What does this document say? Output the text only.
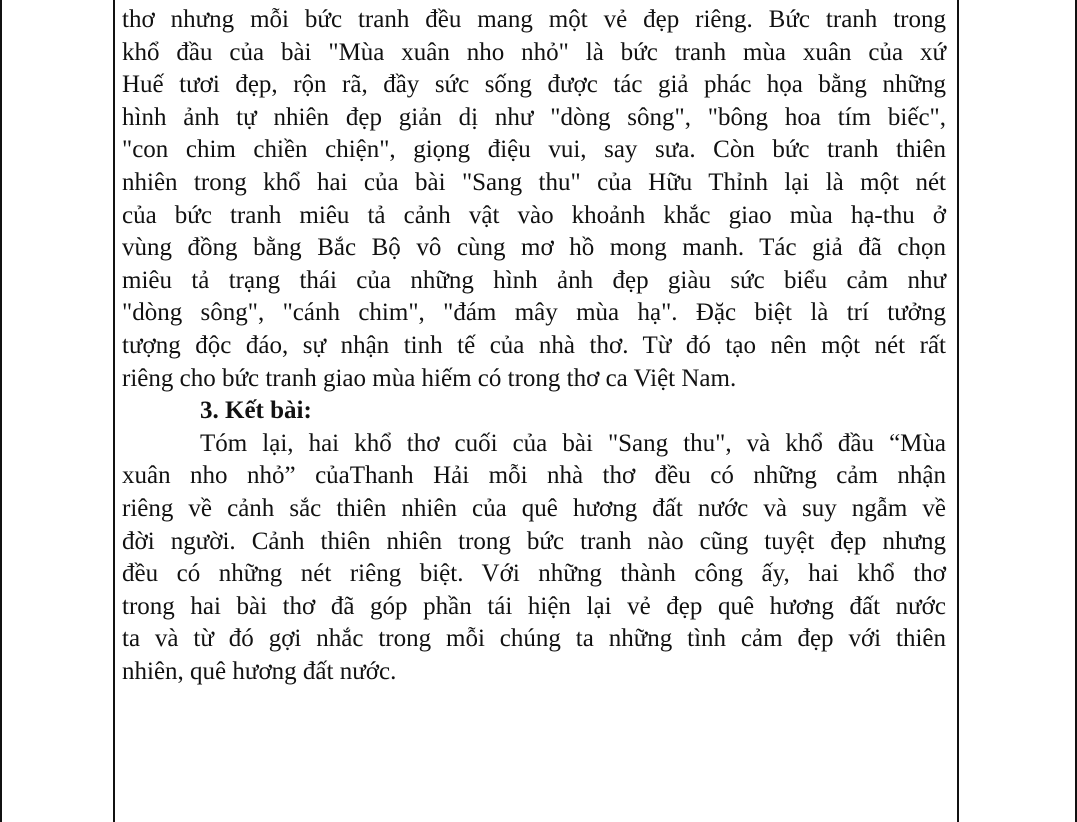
thơ nhưng mỗi bức tranh đều mang một vẻ đẹp riêng. Bức tranh trong
khổ đầu của bài "Mùa xuân nho nhỏ" là bức tranh mùa xuân của xứ
Huế tươi đẹp, rộn rã, đầy sức sống được tác giả phác họa bằng những
hình ảnh tự nhiên đẹp giản dị như "dòng sông", "bông hoa tím biếc",
"con chim chiền chiện", giọng điệu vui, say sưa. Còn bức tranh thiên
nhiên trong khổ hai của bài "Sang thu" của Hữu Thỉnh lại là một nét
của bức tranh miêu tả cảnh vật vào khoảnh khắc giao mùa hạ-thu ở
vùng đồng bằng Bắc Bộ vô cùng mơ hồ mong manh. Tác giả đã chọn
miêu tả trạng thái của những hình ảnh đẹp giàu sức biểu cảm như
"dòng sông", "cánh chim", "đám mây mùa hạ". Đặc biệt là trí tưởng
tượng độc đáo, sự nhận tinh tế của nhà thơ. Từ đó tạo nên một nét rất
riêng cho bức tranh giao mùa hiếm có trong thơ ca Việt Nam.
3. Kết bài:
Tóm lại, hai khổ thơ cuối của bài "Sang thu", và khổ đầu “Mùa
xuân nho nhỏ” củaThanh Hải mỗi nhà thơ đều có những cảm nhận
riêng về cảnh sắc thiên nhiên của quê hương đất nước và suy ngẫm về
đời người. Cảnh thiên nhiên trong bức tranh nào cũng tuyệt đẹp nhưng
đều có những nét riêng biệt. Với những thành công ấy, hai khổ thơ
trong hai bài thơ đã góp phần tái hiện lại vẻ đẹp quê hương đất nước
ta và từ đó gợi nhắc trong mỗi chúng ta những tình cảm đẹp với thiên
nhiên, quê hương đất nước.
